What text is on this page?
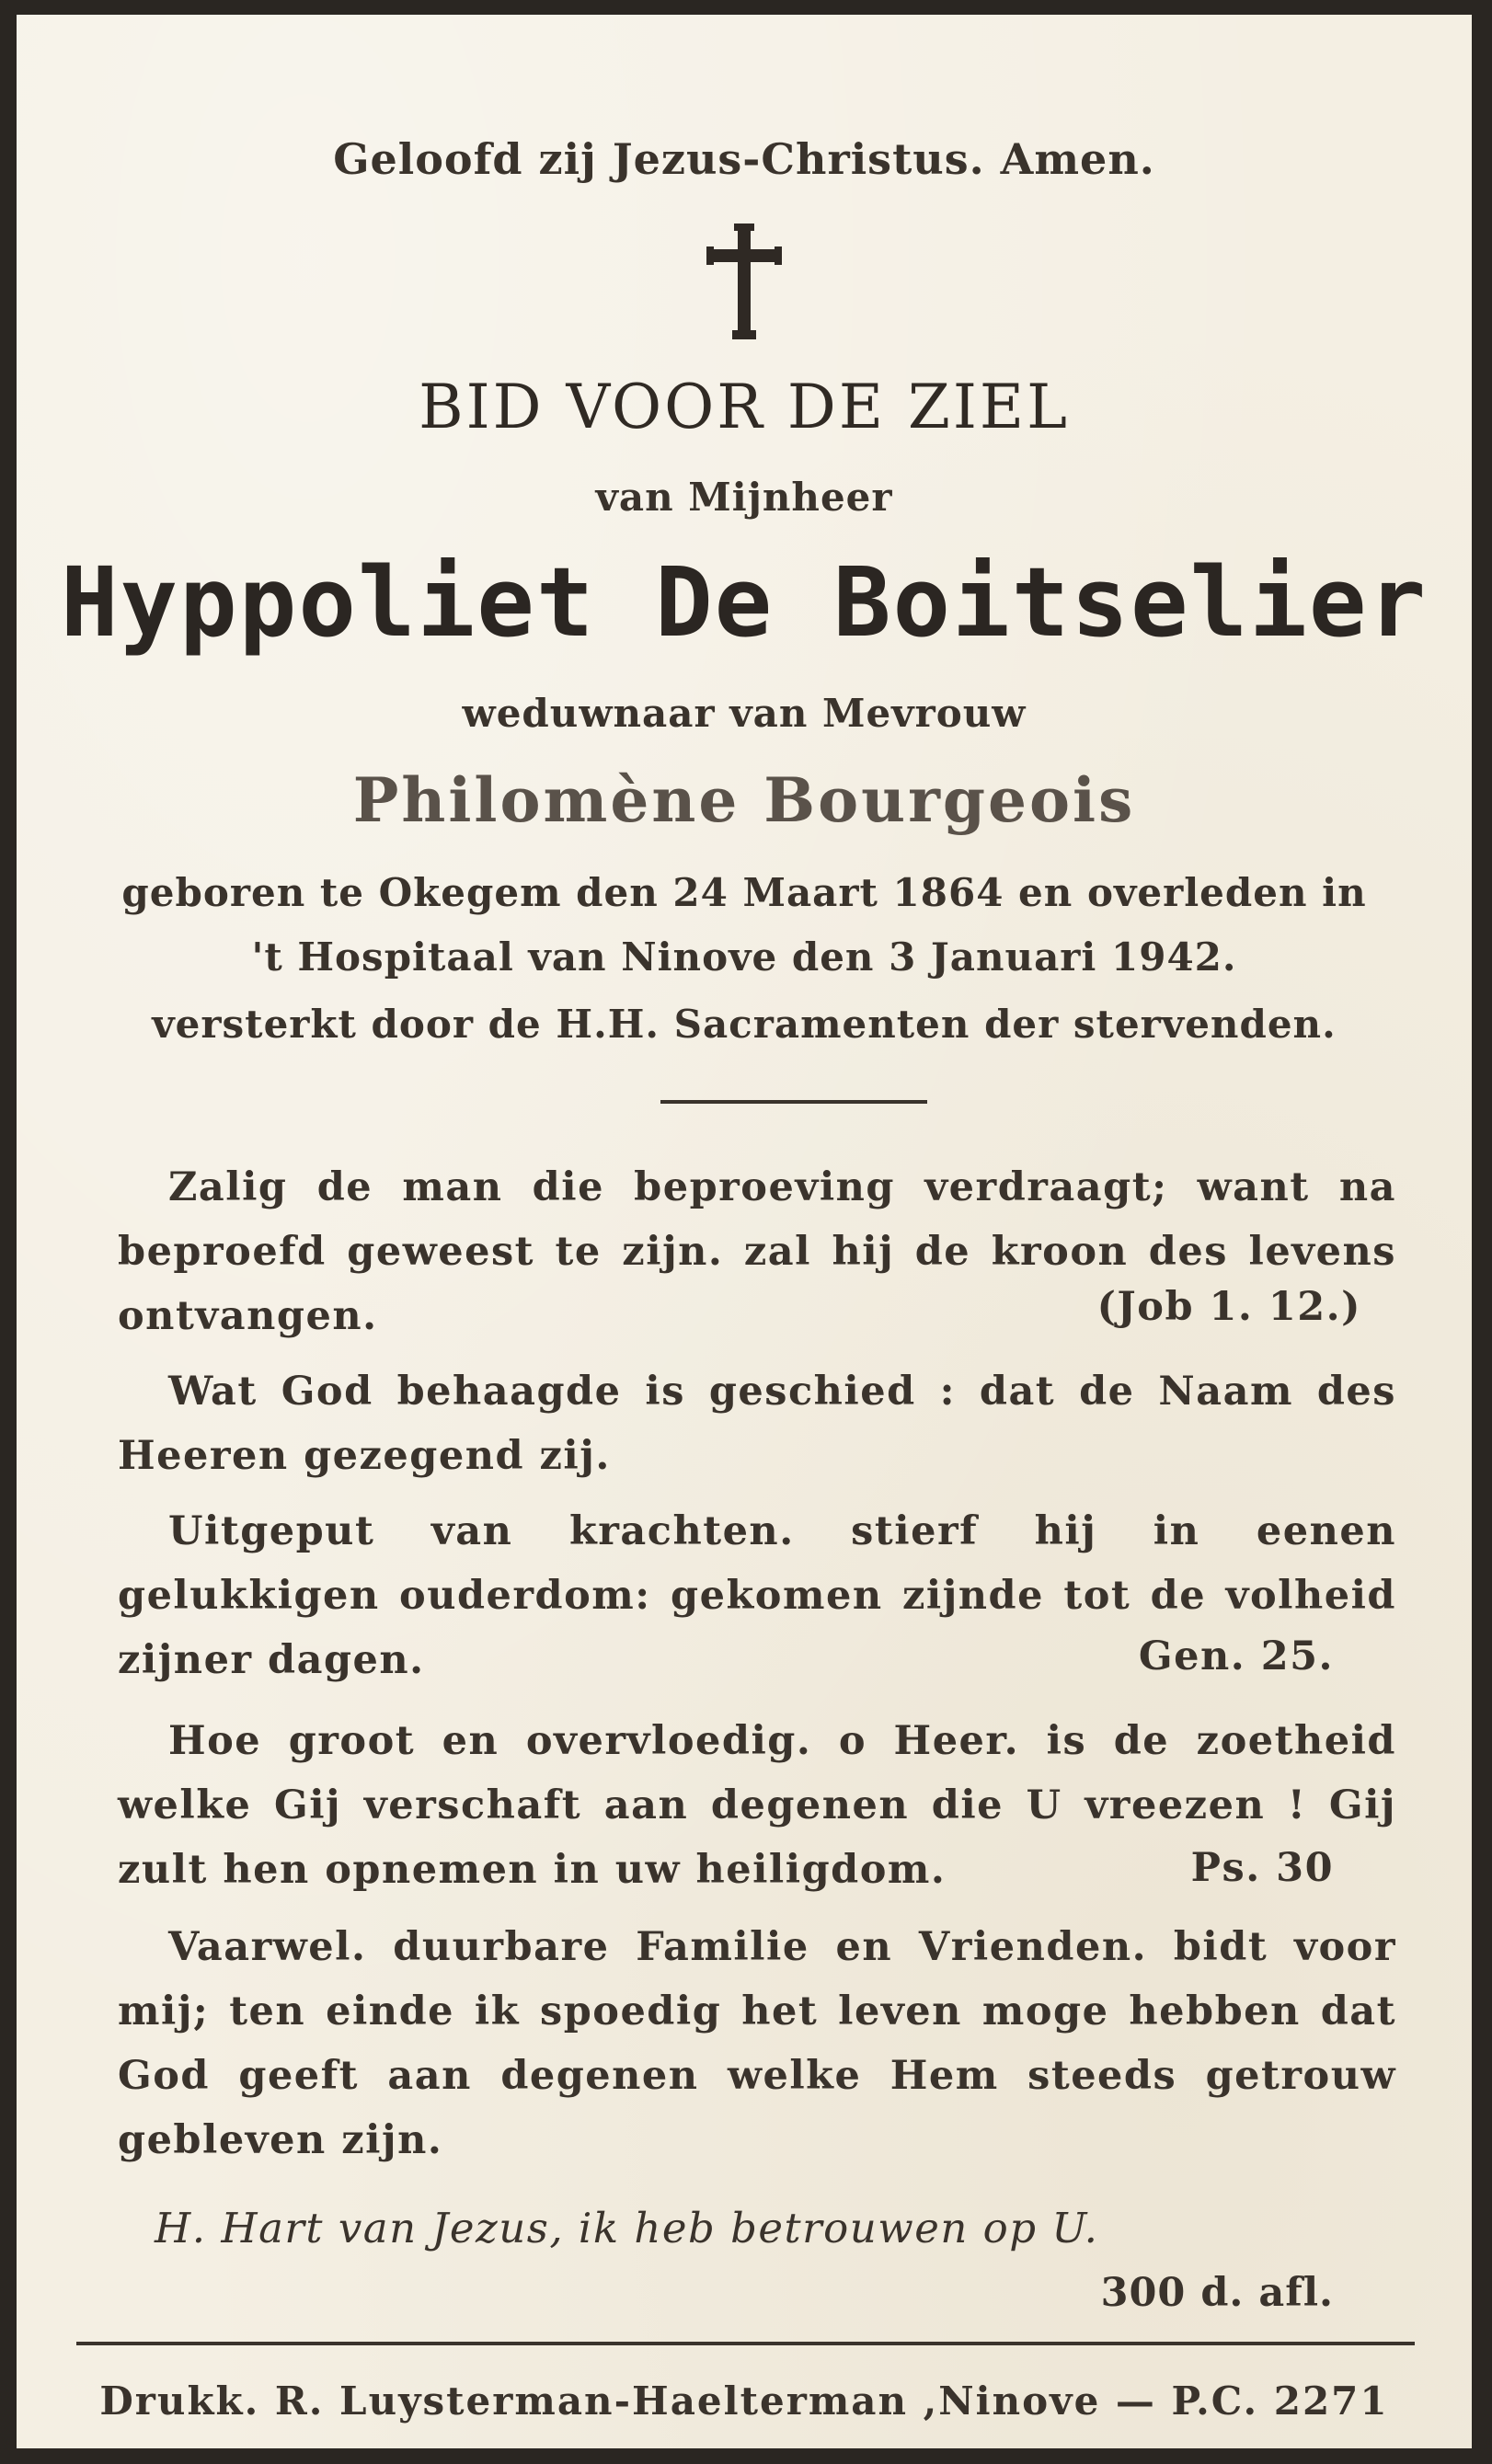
Geloofd zij Jezus-Christus. Amen.
BID VOOR DE ZIEL
van Mijnheer
Hyppoliet De Boitselier
weduwnaar van Mevrouw
Philomène Bourgeois
geboren te Okegem den 24 Maart 1864 en overleden in
't Hospitaal van Ninove den 3 Januari 1942.
versterkt door de H.H. Sacramenten der stervenden.
Zalig de man die beproeving verdraagt; want na beproefd geweest te zijn. zal hij de kroon des levens ontvangen.	(Job 1. 12.)
Wat God behaagde is geschied : dat de Naam des Heeren gezegend zij.
Uitgeput van krachten. stierf hij in eenen gelukkigen ouderdom: gekomen zijnde tot de volheid zijner dagen.	Gen. 25.
Hoe groot en overvloedig. o Heer. is de zoetheid welke Gij verschaft aan degenen die U vreezen ! Gij zult hen opnemen in uw heiligdom.	Ps. 30
Vaarwel. duurbare Familie en Vrienden. bidt voor mij; ten einde ik spoedig het leven moge hebben dat God geeft aan degenen welke Hem steeds getrouw gebleven zijn.
H. Hart van Jezus, ik heb betrouwen op U.
300 d. afl.
Drukk. R. Luysterman-Haelterman ,Ninove — P.C. 2271
